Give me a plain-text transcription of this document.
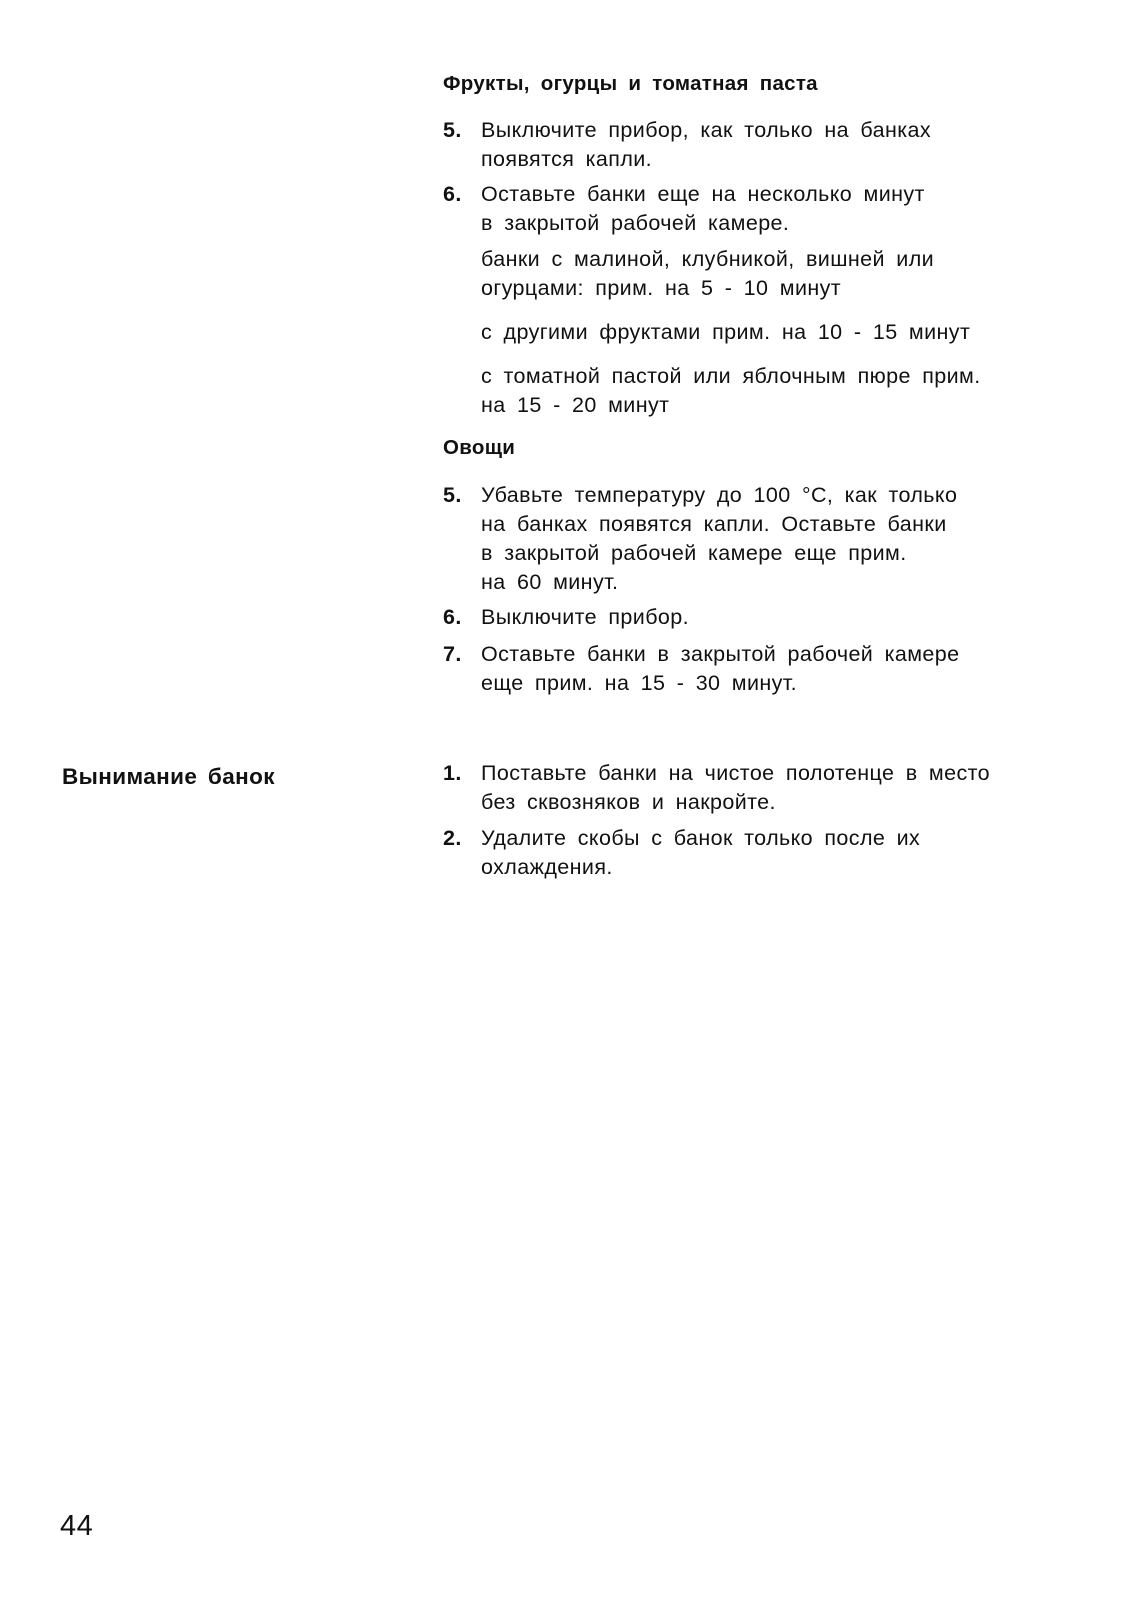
Вынимание банок
Фрукты, огурцы и томатная паста
5. Выключите прибор, как только на банках
появятся капли.
6. Оставьте банки еще на несколько минут
в закрытой рабочей камере.
банки с малиной, клубникой, вишней или
огурцами: прим. на 5 - 10 минут
с другими фруктами прим. на 10 - 15 минут
с томатной пастой или яблочным пюре прим.
на 15 - 20 минут
Овощи
5. Убавьте температуру до 100 °C, как только
на банках появятся капли. Оставьте банки
в закрытой рабочей камере еще прим.
на 60 минут.
6. Выключите прибор.
7. Оставьте банки в закрытой рабочей камере
еще прим. на 15 - 30 минут.
1. Поставьте банки на чистое полотенце в место
без сквозняков и накройте.
2. Удалите скобы с банок только после их
охлаждения.
44
